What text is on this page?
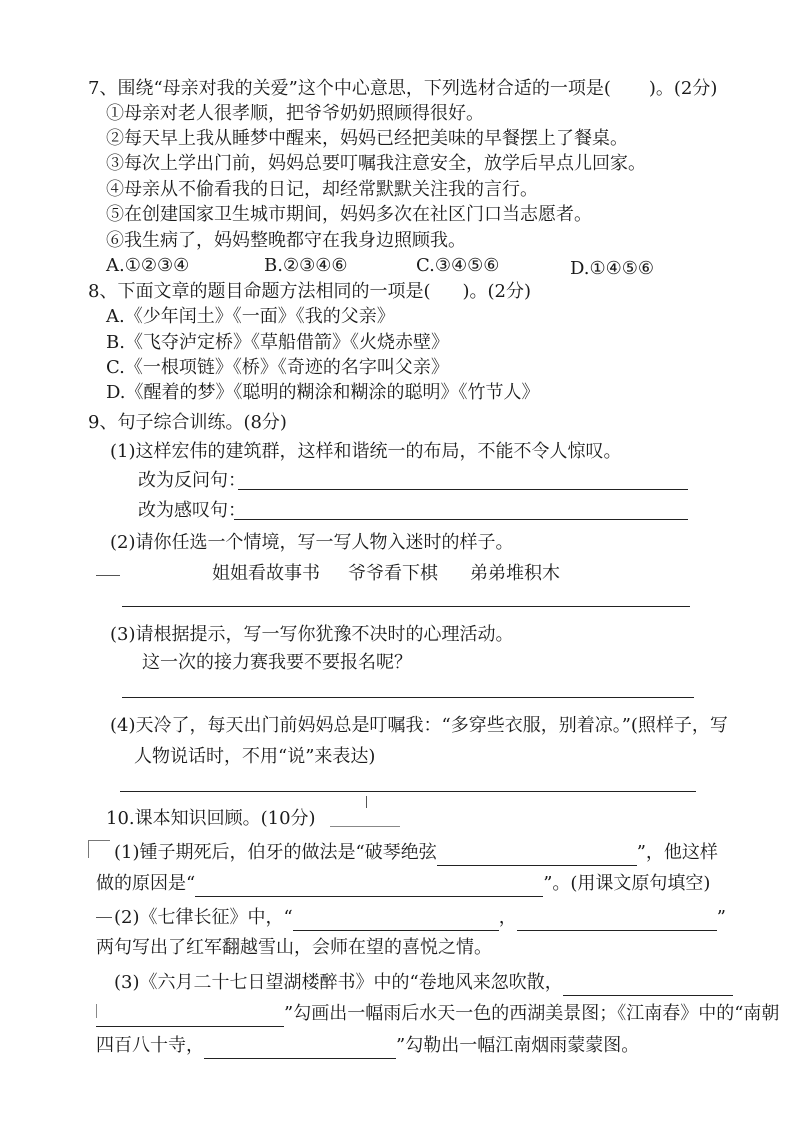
7、围绕“母亲对我的关爱”这个中心意思，下列选材合适的一项是( )。(2分)
①母亲对老人很孝顺，把爷爷奶奶照顾得很好。
②每天早上我从睡梦中醒来，妈妈已经把美味的早餐摆上了餐桌。
③每次上学出门前，妈妈总要叮嘱我注意安全，放学后早点儿回家。
④母亲从不偷看我的日记，却经常默默关注我的言行。
⑤在创建国家卫生城市期间，妈妈多次在社区门口当志愿者。
⑥我生病了，妈妈整晚都守在我身边照顾我。
A.①②③④	B.②③④⑥	C.③④⑤⑥	D.①④⑤⑥
8、下面文章的题目命题方法相同的一项是( )。(2分)
A.《少年闰土》《一面》《我的父亲》
B.《飞夺泸定桥》《草船借箭》《火烧赤壁》
C.《一根项链》《桥》《奇迹的名字叫父亲》
D.《醒着的梦》《聪明的糊涂和糊涂的聪明》《竹节人》
9、句子综合训练。(8分)
(1)这样宏伟的建筑群，这样和谐统一的布局，不能不令人惊叹。
改为反问句：
改为感叹句：
(2)请你任选一个情境，写一写人物入迷时的样子。
姐姐看故事书 爷爷看下棋 弟弟堆积木
(3)请根据提示，写一写你犹豫不决时的心理活动。
这一次的接力赛我要不要报名呢？
(4)天冷了，每天出门前妈妈总是叮嘱我：“多穿些衣服，别着凉。”(照样子，写
人物说话时，不用“说”来表达)
10.课本知识回顾。(10分)
(1)锺子期死后，伯牙的做法是“破琴绝弦	”，他这样
做的原因是“	”。(用课文原句填空)
(2)《七律长征》中，“	，	”
两句写出了红军翻越雪山，会师在望的喜悦之情。
(3)《六月二十七日望湖楼醉书》中的“卷地风来忽吹散，
”勾画出一幅雨后水天一色的西湖美景图；《江南春》中的“南朝
四百八十寺，	”勾勒出一幅江南烟雨蒙蒙图。
